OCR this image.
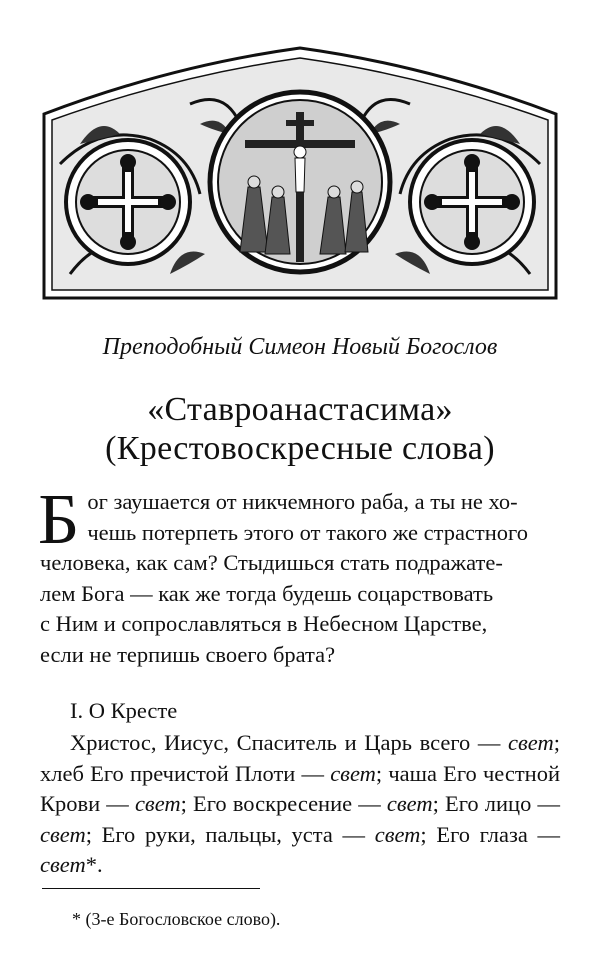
Преподобный Симеон Новый Богослов
«Ставроанастасима»
(Крестовоскресные слова)
Б ог заушается от никчемного раба, а ты не хо-
чешь потерпеть этого от такого же страстного
человека, как сам? Стыдишься стать подражате-
лем Бога — как же тогда будешь соцарствовать
с Ним и сопрославляться в Небесном Царстве,
если не терпишь своего брата?
I. О Кресте
Христос, Иисус, Спаситель и Царь всего — свет; хлеб Его пречистой Плоти — свет; чаша Его честной Крови — свет; Его воскресение — свет; Его лицо — свет; Его руки, пальцы, уста — свет; Его глаза — свет*.
* (3-е Богословское слово).
